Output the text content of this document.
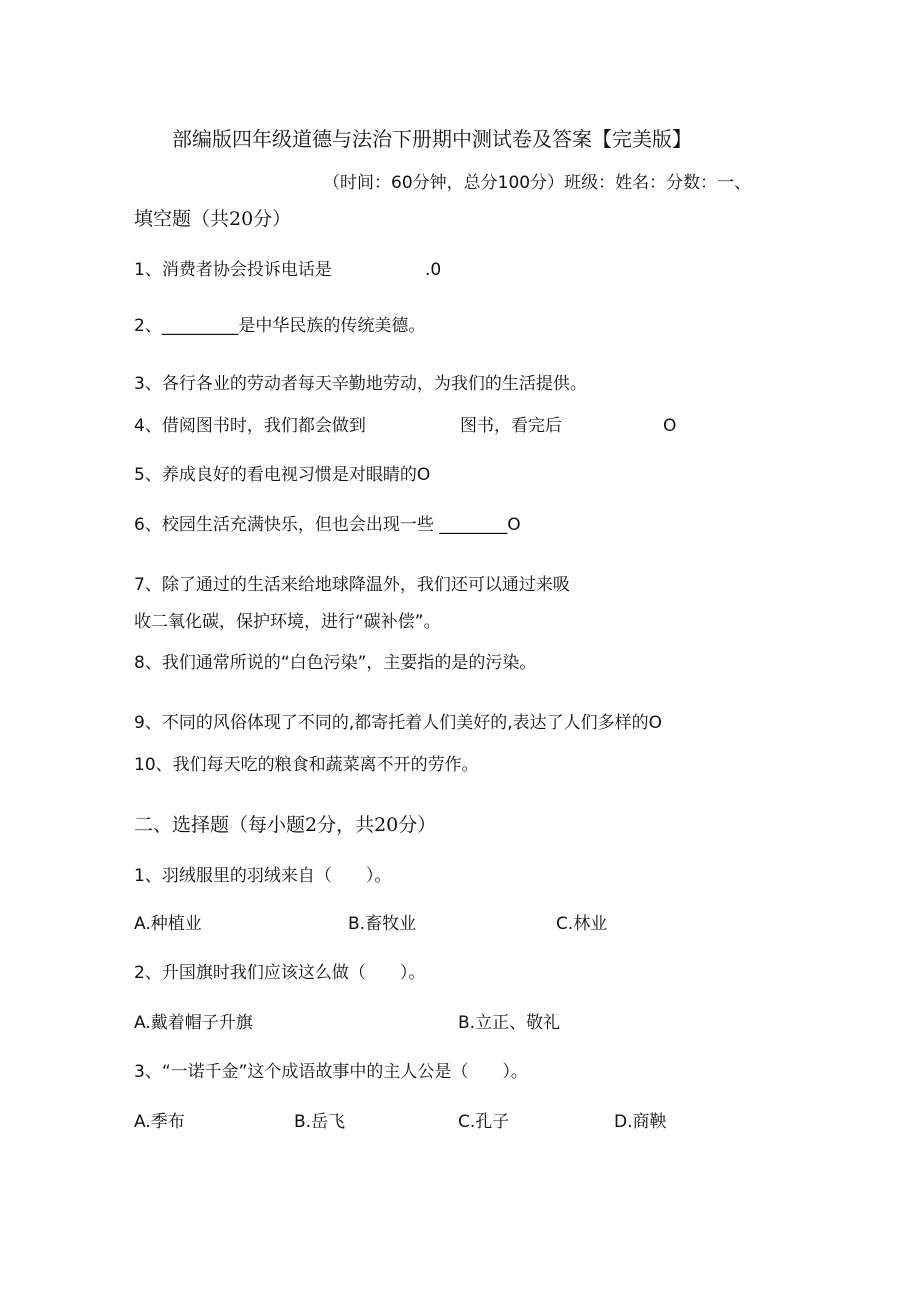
部编版四年级道德与法治下册期中测试卷及答案【完美版】
（时间：60分钟，总分100分）班级：姓名：分数：一、
填空题（共20分）
1、消费者协会投诉电话是	.0
2、_________是中华民族的传统美德。
3、各行各业的劳动者每天辛勤地劳动，为我们的生活提供。
4、借阅图书时，我们都会做到	图书，看完后	O
5、养成良好的看电视习惯是对眼睛的O
6、校园生活充满快乐，但也会出现一些 ________O
7、除了通过的生活来给地球降温外，我们还可以通过来吸
收二氧化碳，保护环境，进行“碳补偿”。
8、我们通常所说的“白色污染”，主要指的是的污染。
9、不同的风俗体现了不同的,都寄托着人们美好的,表达了人们多样的O
10、我们每天吃的粮食和蔬菜离不开的劳作。
二、选择题（每小题2分，共20分）
1、羽绒服里的羽绒来自（　　）。
A.种植业	B.畜牧业	C.林业
2、升国旗时我们应该这么做（　　）。
A.戴着帽子升旗	B.立正、敬礼
3、“一诺千金”这个成语故事中的主人公是（　　）。
A.季布	B.岳飞	C.孔子	D.商鞅
